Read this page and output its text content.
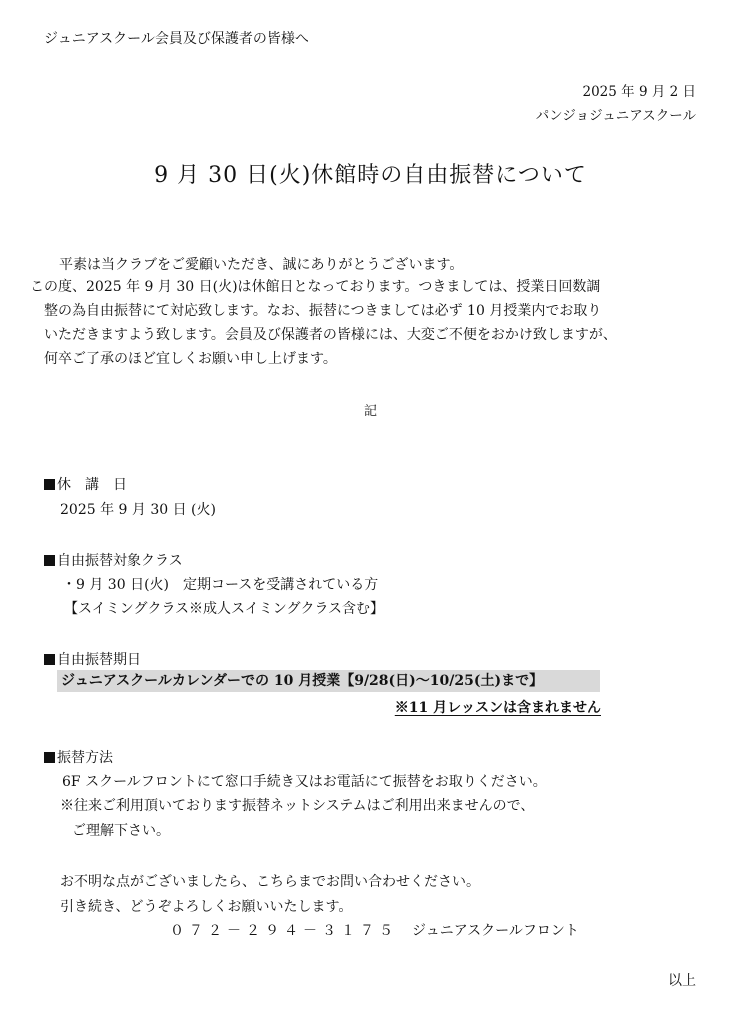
ジュニアスクール会員及び保護者の皆様へ
2025 年 9 月 2 日
パンジョジュニアスクール
9 月 30 日(火)休館時の自由振替について
平素は当クラブをご愛顧いただき、誠にありがとうございます。
この度、2025 年 9 月 30 日(火)は休館日となっております。つきましては、授業日回数調
整の為自由振替にて対応致します。なお、振替につきましては必ず 10 月授業内でお取り
いただきますよう致します。会員及び保護者の皆様には、大変ご不便をおかけ致しますが、
何卒ご了承のほど宜しくお願い申し上げます。
記
休　講　日
2025 年 9 月 30 日 (火)
自由振替対象クラス
・9 月 30 日(火)　定期コースを受講されている方
【スイミングクラス※成人スイミングクラス含む】
自由振替期日
ジュニアスクールカレンダーでの 10 月授業【9/28(日)～10/25(土)まで】
※11 月レッスンは含まれません
振替方法
6F スクールフロントにて窓口手続き又はお電話にて振替をお取りください。
※往来ご利用頂いております振替ネットシステムはご利用出来ませんので、
ご理解下さい。
お不明な点がございましたら、こちらまでお問い合わせください。
引き続き、どうぞよろしくお願いいたします。
０７２－２９４－３１７５ ジュニアスクールフロント
以上
